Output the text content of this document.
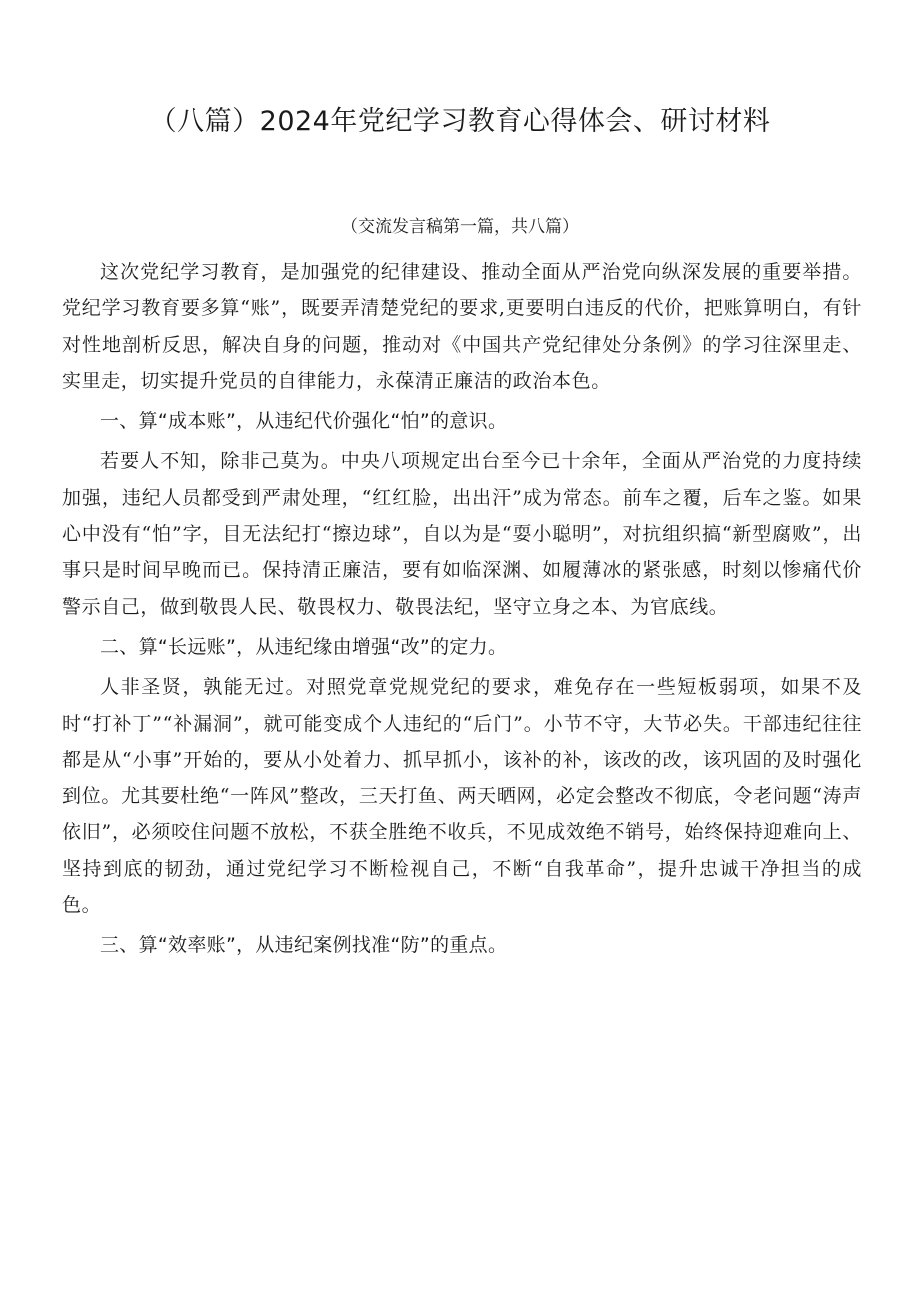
（八篇）2024年党纪学习教育心得体会、研讨材料

（交流发言稿第一篇，共八篇）

这次党纪学习教育，是加强党的纪律建设、推动全面从严治党向纵深发展的重要举措。党纪学习教育要多算“账”，既要弄清楚党纪的要求,更要明白违反的代价，把账算明白，有针对性地剖析反思，解决自身的问题，推动对《中国共产党纪律处分条例》的学习往深里走、实里走，切实提升党员的自律能力，永葆清正廉洁的政治本色。

一、算“成本账”，从违纪代价强化“怕”的意识。

若要人不知，除非己莫为。中央八项规定出台至今已十余年，全面从严治党的力度持续加强，违纪人员都受到严肃处理，“红红脸，出出汗”成为常态。前车之覆，后车之鉴。如果心中没有“怕”字，目无法纪打“擦边球”，自以为是“耍小聪明”，对抗组织搞“新型腐败”，出事只是时间早晚而已。保持清正廉洁，要有如临深渊、如履薄冰的紧张感，时刻以惨痛代价警示自己，做到敬畏人民、敬畏权力、敬畏法纪，坚守立身之本、为官底线。

二、算“长远账”，从违纪缘由增强“改”的定力。

人非圣贤，孰能无过。对照党章党规党纪的要求，难免存在一些短板弱项，如果不及时“打补丁”“补漏洞”，就可能变成个人违纪的“后门”。小节不守，大节必失。干部违纪往往都是从“小事”开始的，要从小处着力、抓早抓小，该补的补，该改的改，该巩固的及时强化到位。尤其要杜绝“一阵风”整改，三天打鱼、两天晒网，必定会整改不彻底，令老问题“涛声依旧”，必须咬住问题不放松，不获全胜绝不收兵，不见成效绝不销号，始终保持迎难向上、坚持到底的韧劲，通过党纪学习不断检视自己，不断“自我革命”，提升忠诚干净担当的成色。

三、算“效率账”，从违纪案例找准“防”的重点。
